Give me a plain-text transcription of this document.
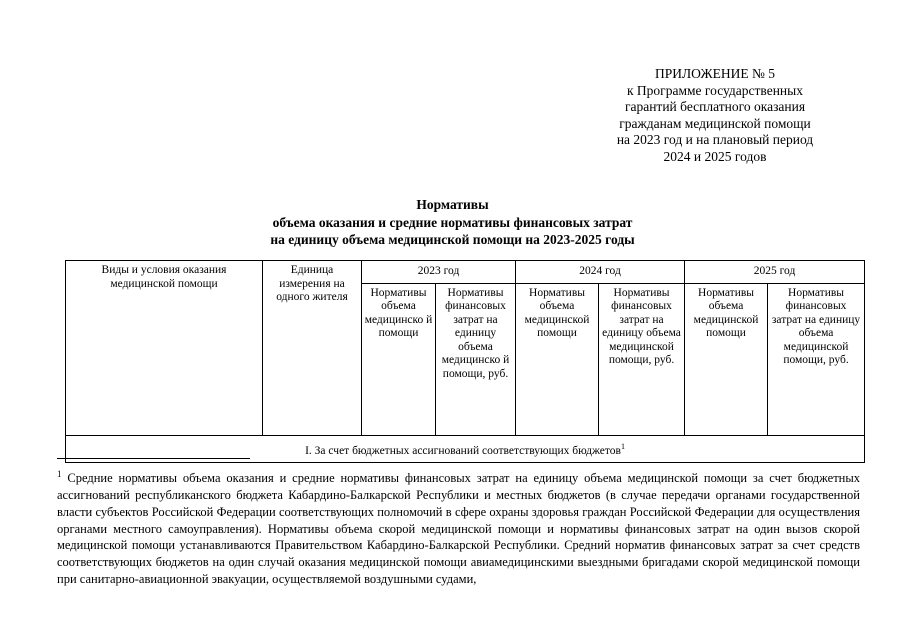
ПРИЛОЖЕНИЕ № 5
к Программе государственных
гарантий бесплатного оказания
гражданам медицинской помощи
на 2023 год и на плановый период
2024 и 2025 годов
Нормативы
объема оказания и средние нормативы финансовых затрат
на единицу объема медицинской помощи на 2023-2025 годы
Виды и условия оказания медицинской помощи	Единица измерения на одного жителя	2023 год		2024 год		2025 год	
		Нормативы объема медицинско й помощи	Нормативы финансовых затрат на единицу объема медицинско й помощи, руб.	Нормативы объема медицинской помощи	Нормативы финансовых затрат на единицу объема медицинской помощи, руб.	Нормативы объема медицинской помощи	Нормативы финансовых затрат на единицу объема медицинской помощи, руб.
I. За счет бюджетных ассигнований соответствующих бюджетов$^1$
$^1$ Средние нормативы объема оказания и средние нормативы финансовых затрат на единицу объема медицинской помощи за счет бюджетных ассигнований республиканского бюджета Кабардино-Балкарской Республики и местных бюджетов (в случае передачи органами государственной власти субъектов Российской Федерации соответствующих полномочий в сфере охраны здоровья граждан Российской Федерации для осуществления органами местного самоуправления). Нормативы объема скорой медицинской помощи и нормативы финансовых затрат на один вызов скорой медицинской помощи устанавливаются Правительством Кабардино-Балкарской Республики. Средний норматив финансовых затрат за счет средств соответствующих бюджетов на один случай оказания медицинской помощи авиамедицинскими выездными бригадами скорой медицинской помощи при санитарно-авиационной эвакуации, осуществляемой воздушными судами,
